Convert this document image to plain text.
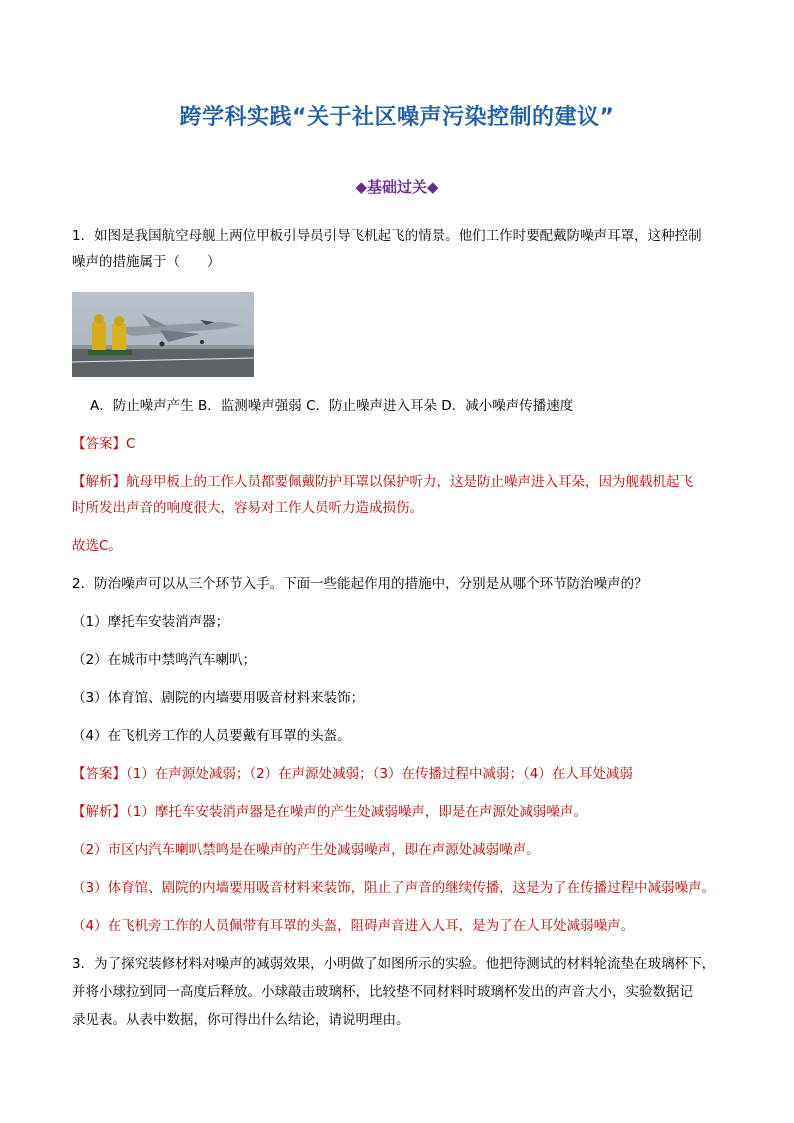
跨学科实践“关于社区噪声污染控制的建议”
◆基础过关◆
1．如图是我国航空母舰上两位甲板引导员引导飞机起飞的情景。他们工作时要配戴防噪声耳罩，这种控制
噪声的措施属于（　　）
A．防止噪声产生 B．监测噪声强弱 C．防止噪声进入耳朵 D．减小噪声传播速度
【答案】C
【解析】航母甲板上的工作人员都要佩戴防护耳罩以保护听力，这是防止噪声进入耳朵，因为舰载机起飞
时所发出声音的响度很大，容易对工作人员听力造成损伤。
故选C。
2．防治噪声可以从三个环节入手。下面一些能起作用的措施中，分别是从哪个环节防治噪声的？
（1）摩托车安装消声器；
（2）在城市中禁鸣汽车喇叭；
（3）体育馆、剧院的内墙要用吸音材料来装饰；
（4）在飞机旁工作的人员要戴有耳罩的头盔。
【答案】（1）在声源处减弱；（2）在声源处减弱；（3）在传播过程中减弱；（4）在人耳处减弱
【解析】（1）摩托车安装消声器是在噪声的产生处减弱噪声，即是在声源处减弱噪声。
（2）市区内汽车喇叭禁鸣是在噪声的产生处减弱噪声，即在声源处减弱噪声。
（3）体育馆、剧院的内墙要用吸音材料来装饰，阻止了声音的继续传播，这是为了在传播过程中减弱噪声。
（4）在飞机旁工作的人员佩带有耳罩的头盔，阻碍声音进入人耳，是为了在人耳处减弱噪声。
3．为了探究装修材料对噪声的减弱效果，小明做了如图所示的实验。他把待测试的材料轮流垫在玻璃杯下，
并将小球拉到同一高度后释放。小球敲击玻璃杯，比较垫不同材料时玻璃杯发出的声音大小，实验数据记
录见表。从表中数据，你可得出什么结论，请说明理由。
